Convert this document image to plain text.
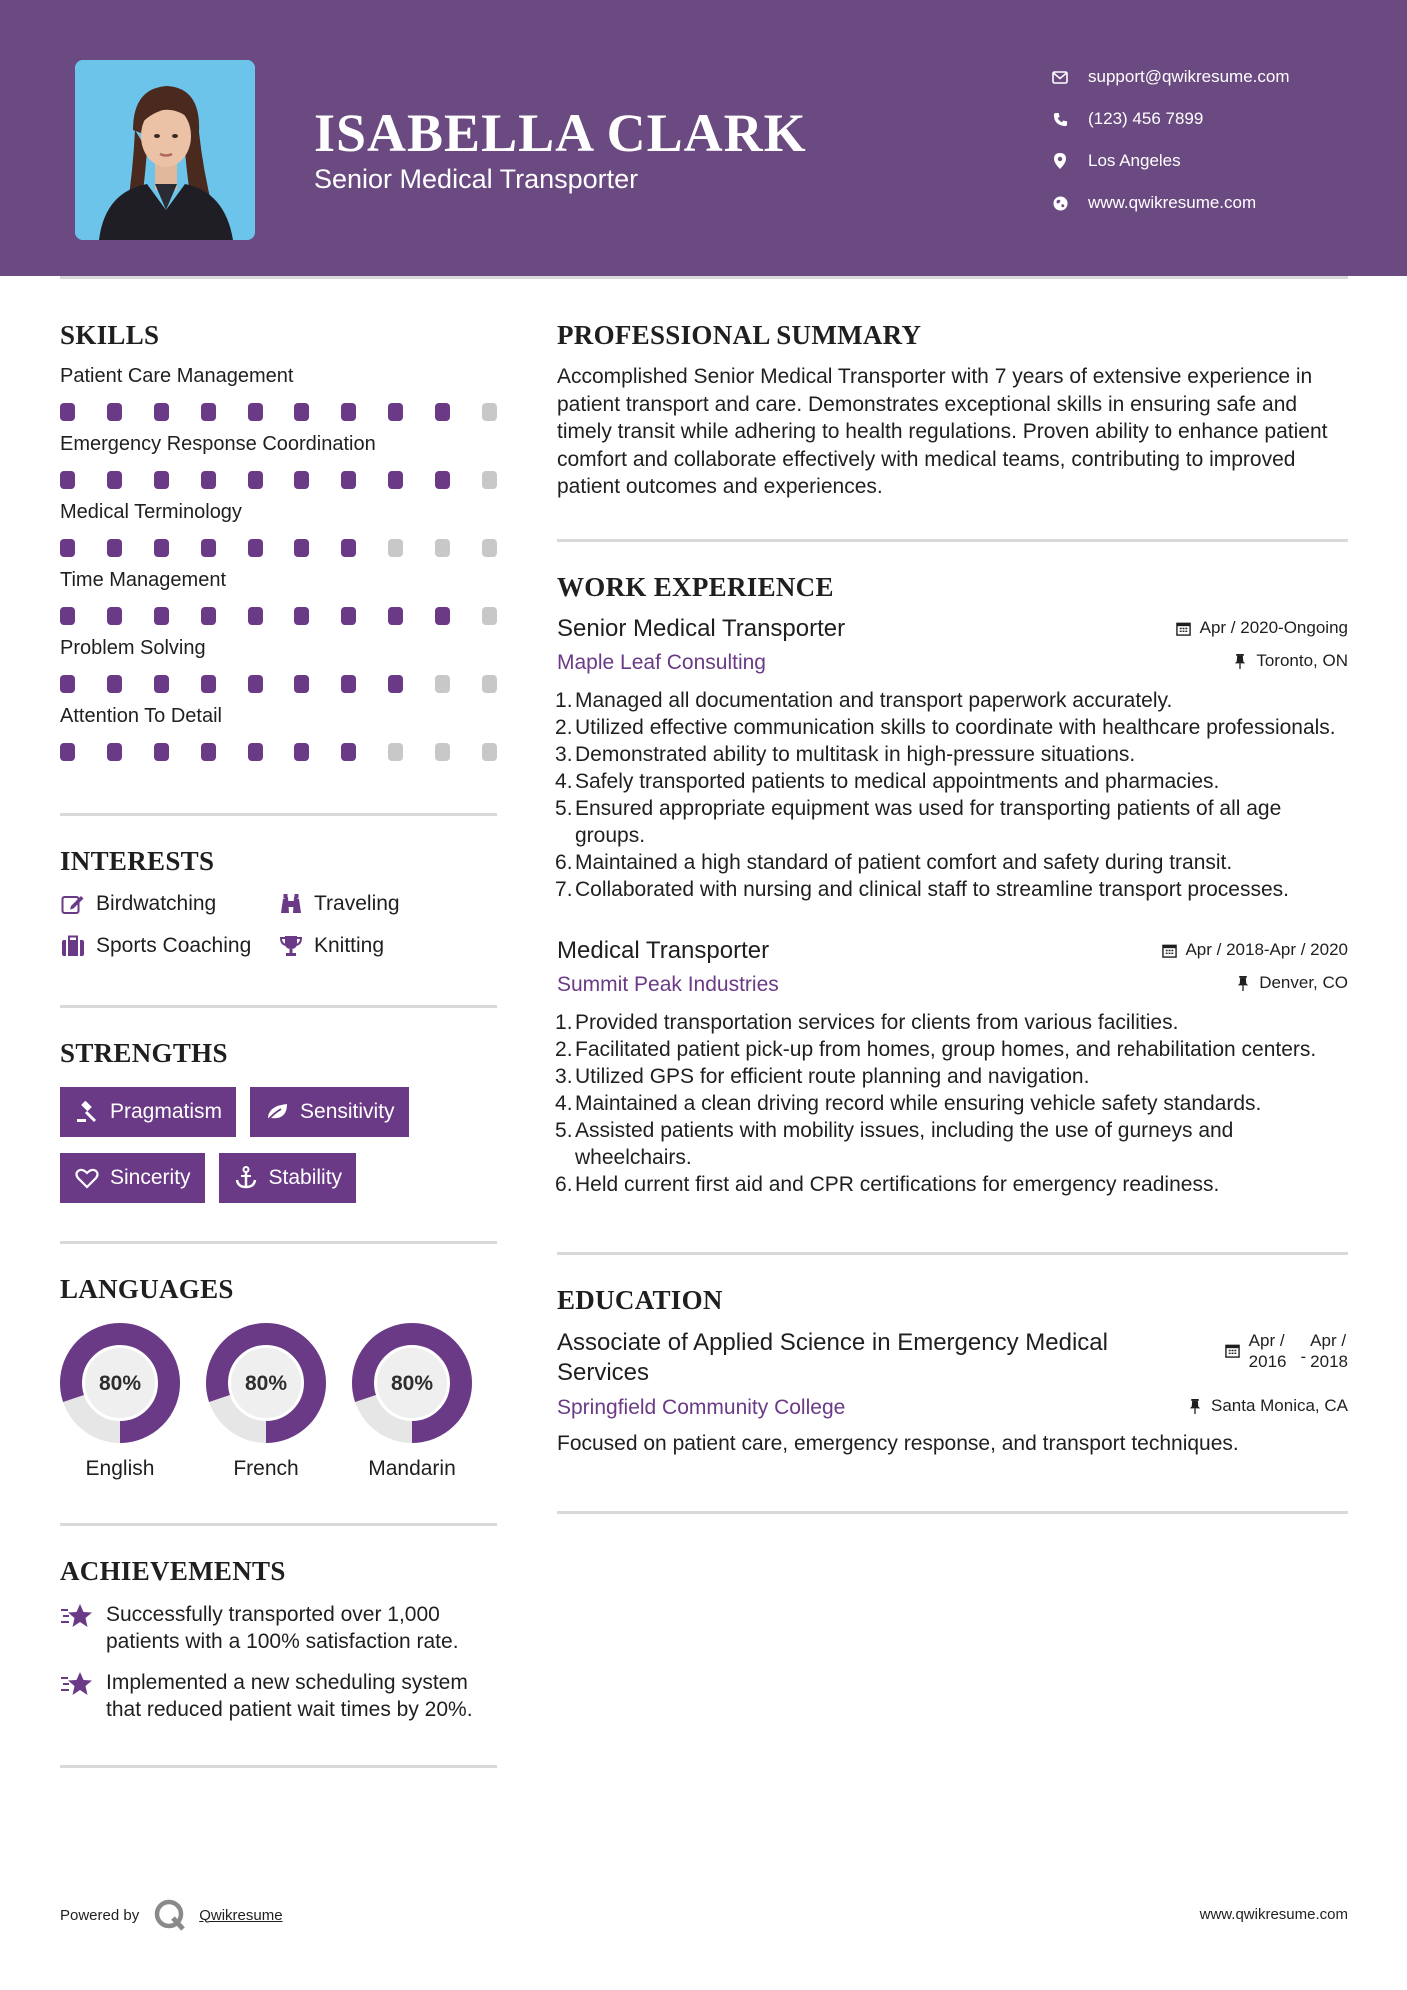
ISABELLA CLARK
Senior Medical Transporter
support@qwikresume.com
(123) 456 7899
Los Angeles
www.qwikresume.com
SKILLS
Patient Care Management
Emergency Response Coordination
Medical Terminology
Time Management
Problem Solving
Attention To Detail
INTERESTS
Birdwatching	Traveling
Sports Coaching	Knitting
STRENGTHS
Pragmatism	Sensitivity
Sincerity	Stability
LANGUAGES
80%
English
80%
French
80%
Mandarin
ACHIEVEMENTS
Successfully transported over 1,000 patients with a 100% satisfaction rate.
Implemented a new scheduling system that reduced patient wait times by 20%.
PROFESSIONAL SUMMARY
Accomplished Senior Medical Transporter with 7 years of extensive experience in patient transport and care. Demonstrates exceptional skills in ensuring safe and timely transit while adhering to health regulations. Proven ability to enhance patient comfort and collaborate effectively with medical teams, contributing to improved patient outcomes and experiences.
WORK EXPERIENCE
Senior Medical Transporter	Apr / 2020-Ongoing
Maple Leaf Consulting	Toronto, ON
Managed all documentation and transport paperwork accurately.
Utilized effective communication skills to coordinate with healthcare professionals.
Demonstrated ability to multitask in high-pressure situations.
Safely transported patients to medical appointments and pharmacies.
Ensured appropriate equipment was used for transporting patients of all age groups.
Maintained a high standard of patient comfort and safety during transit.
Collaborated with nursing and clinical staff to streamline transport processes.
Medical Transporter	Apr / 2018-Apr / 2020
Summit Peak Industries	Denver, CO
Provided transportation services for clients from various facilities.
Facilitated patient pick-up from homes, group homes, and rehabilitation centers.
Utilized GPS for efficient route planning and navigation.
Maintained a clean driving record while ensuring vehicle safety standards.
Assisted patients with mobility issues, including the use of gurneys and wheelchairs.
Held current first aid and CPR certifications for emergency readiness.
EDUCATION
Associate of Applied Science in Emergency Medical Services
Apr /
2016 -
Apr /
2018
Springfield Community College	Santa Monica, CA
Focused on patient care, emergency response, and transport techniques.
Powered by	Qwikresume	www.qwikresume.com
